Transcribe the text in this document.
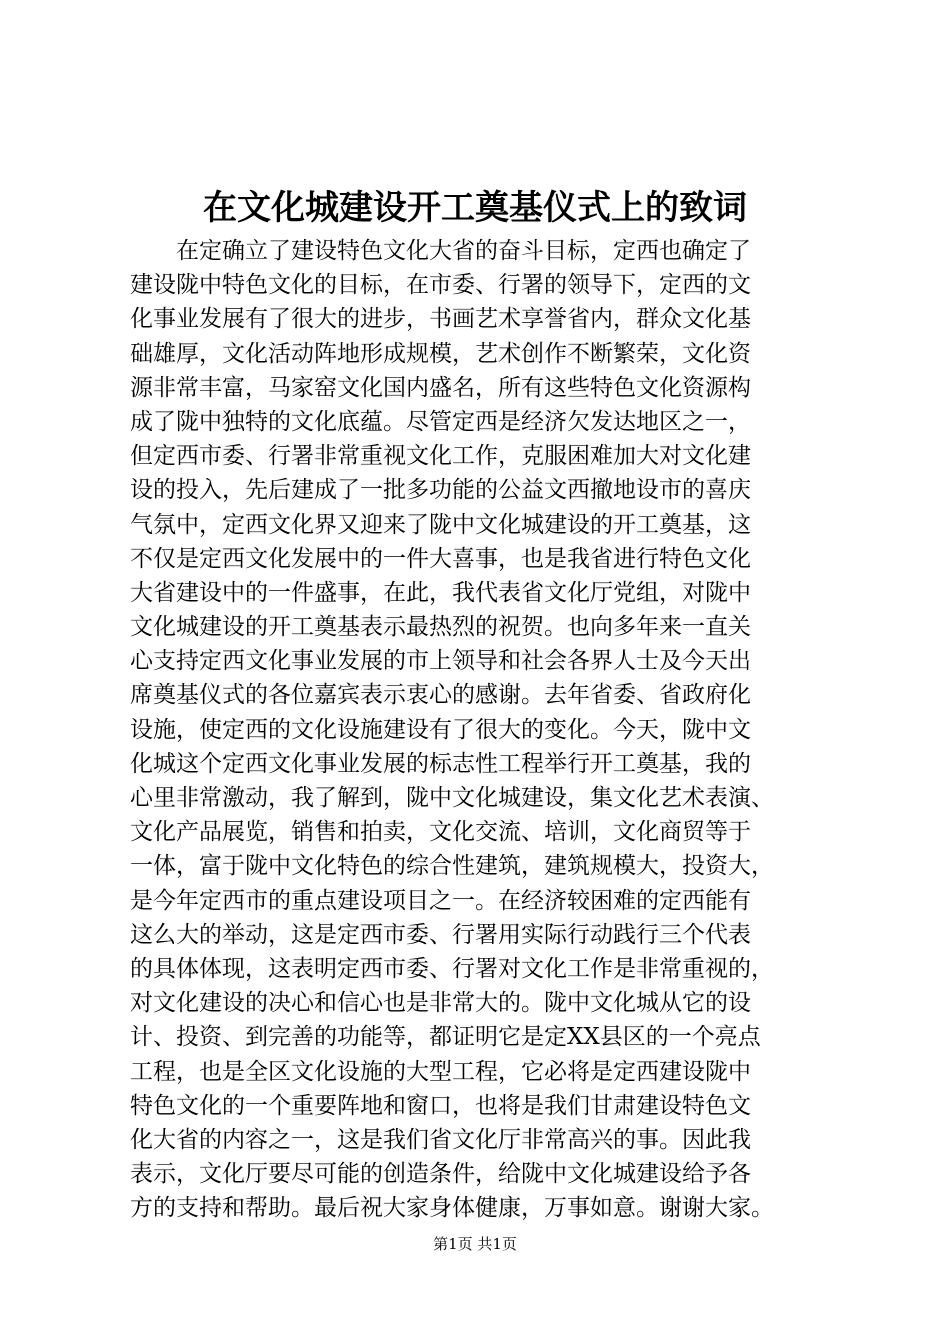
在文化城建设开工奠基仪式上的致词
　　在定确立了建设特色文化大省的奋斗目标，定西也确定了
建设陇中特色文化的目标，在市委、行署的领导下，定西的文
化事业发展有了很大的进步，书画艺术享誉省内，群众文化基
础雄厚，文化活动阵地形成规模，艺术创作不断繁荣，文化资
源非常丰富，马家窑文化国内盛名，所有这些特色文化资源构
成了陇中独特的文化底蕴。尽管定西是经济欠发达地区之一，
但定西市委、行署非常重视文化工作，克服困难加大对文化建
设的投入，先后建成了一批多功能的公益文西撤地设市的喜庆
气氛中，定西文化界又迎来了陇中文化城建设的开工奠基，这
不仅是定西文化发展中的一件大喜事，也是我省进行特色文化
大省建设中的一件盛事，在此，我代表省文化厅党组，对陇中
文化城建设的开工奠基表示最热烈的祝贺。也向多年来一直关
心支持定西文化事业发展的市上领导和社会各界人士及今天出
席奠基仪式的各位嘉宾表示衷心的感谢。去年省委、省政府化
设施，使定西的文化设施建设有了很大的变化。今天，陇中文
化城这个定西文化事业发展的标志性工程举行开工奠基，我的
心里非常激动，我了解到，陇中文化城建设，集文化艺术表演、
文化产品展览，销售和拍卖，文化交流、培训，文化商贸等于
一体，富于陇中文化特色的综合性建筑，建筑规模大，投资大，
是今年定西市的重点建设项目之一。在经济较困难的定西能有
这么大的举动，这是定西市委、行署用实际行动践行三个代表
的具体体现，这表明定西市委、行署对文化工作是非常重视的，
对文化建设的决心和信心也是非常大的。陇中文化城从它的设
计、投资、到完善的功能等，都证明它是定XX县区的一个亮点
工程，也是全区文化设施的大型工程，它必将是定西建设陇中
特色文化的一个重要阵地和窗口，也将是我们甘肃建设特色文
化大省的内容之一，这是我们省文化厅非常高兴的事。因此我
表示，文化厅要尽可能的创造条件，给陇中文化城建设给予各
方的支持和帮助。最后祝大家身体健康，万事如意。谢谢大家。
第1页 共1页
